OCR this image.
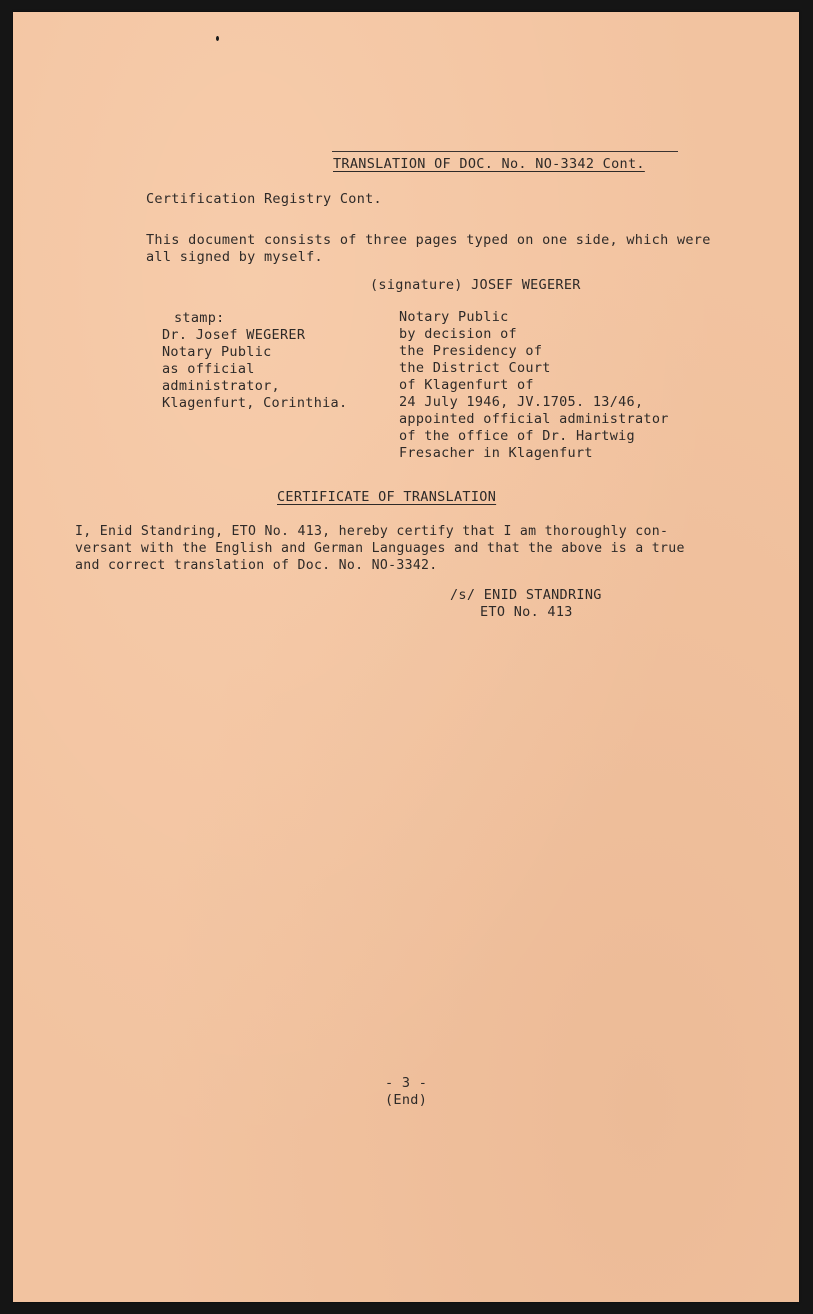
TRANSLATION OF DOC. No. NO-3342 Cont.

Certification Registry Cont.

This document consists of three pages typed on one side, which were

all signed by myself.

(signature) JOSEF WEGERER

stamp:

Dr. Josef WEGERER

Notary Public

as official

administrator,

Klagenfurt, Corinthia.

Notary Public

by decision of

the Presidency of

the District Court

of Klagenfurt of

24 July 1946, JV.1705. 13/46,

appointed official administrator

of the office of Dr. Hartwig

Fresacher in Klagenfurt

CERTIFICATE OF TRANSLATION

I, Enid Standring, ETO No. 413, hereby certify that I am thoroughly con-

versant with the English and German Languages and that the above is a true

and correct translation of Doc. No. NO-3342.

/s/ ENID STANDRING

ETO No. 413

- 3 -

(End)
